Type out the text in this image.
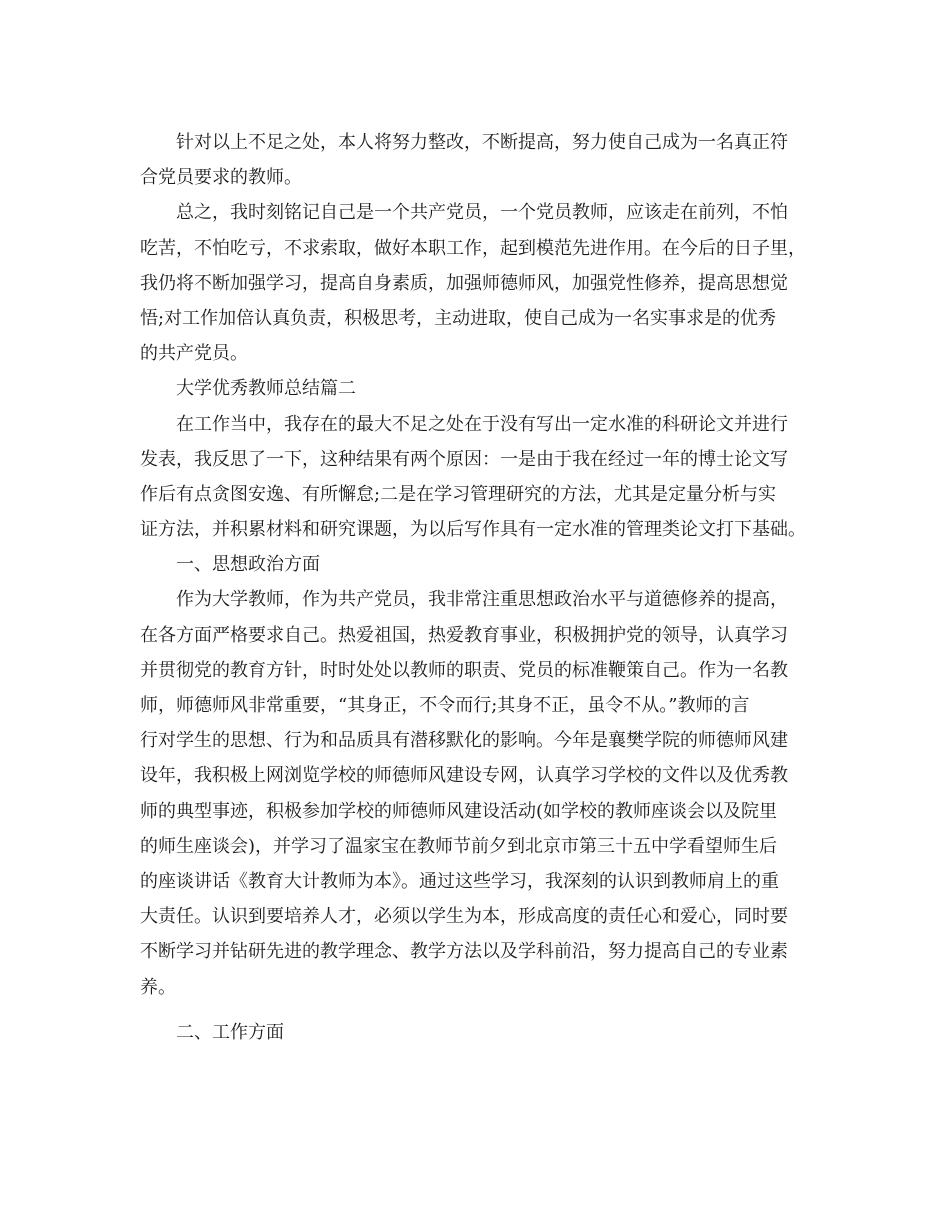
针对以上不足之处，本人将努力整改，不断提高，努力使自己成为一名真正符
合党员要求的教师。
总之，我时刻铭记自己是一个共产党员，一个党员教师，应该走在前列，不怕
吃苦，不怕吃亏，不求索取，做好本职工作，起到模范先进作用。在今后的日子里，
我仍将不断加强学习，提高自身素质，加强师德师风，加强党性修养，提高思想觉
悟;对工作加倍认真负责，积极思考，主动进取，使自己成为一名实事求是的优秀
的共产党员。
大学优秀教师总结篇二
在工作当中，我存在的最大不足之处在于没有写出一定水准的科研论文并进行
发表，我反思了一下，这种结果有两个原因：一是由于我在经过一年的博士论文写
作后有点贪图安逸、有所懈怠;二是在学习管理研究的方法，尤其是定量分析与实
证方法，并积累材料和研究课题，为以后写作具有一定水准的管理类论文打下基础。
一、思想政治方面
作为大学教师，作为共产党员，我非常注重思想政治水平与道德修养的提高，
在各方面严格要求自己。热爱祖国，热爱教育事业，积极拥护党的领导，认真学习
并贯彻党的教育方针，时时处处以教师的职责、党员的标准鞭策自己。作为一名教
师，师德师风非常重要，“其身正，不令而行;其身不正，虽令不从。”教师的言
行对学生的思想、行为和品质具有潜移默化的影响。今年是襄樊学院的师德师风建
设年，我积极上网浏览学校的师德师风建设专网，认真学习学校的文件以及优秀教
师的典型事迹，积极参加学校的师德师风建设活动(如学校的教师座谈会以及院里
的师生座谈会)，并学习了温家宝在教师节前夕到北京市第三十五中学看望师生后
的座谈讲话《教育大计教师为本》。通过这些学习，我深刻的认识到教师肩上的重
大责任。认识到要培养人才，必须以学生为本，形成高度的责任心和爱心，同时要
不断学习并钻研先进的教学理念、教学方法以及学科前沿，努力提高自己的专业素
养。
二、工作方面
